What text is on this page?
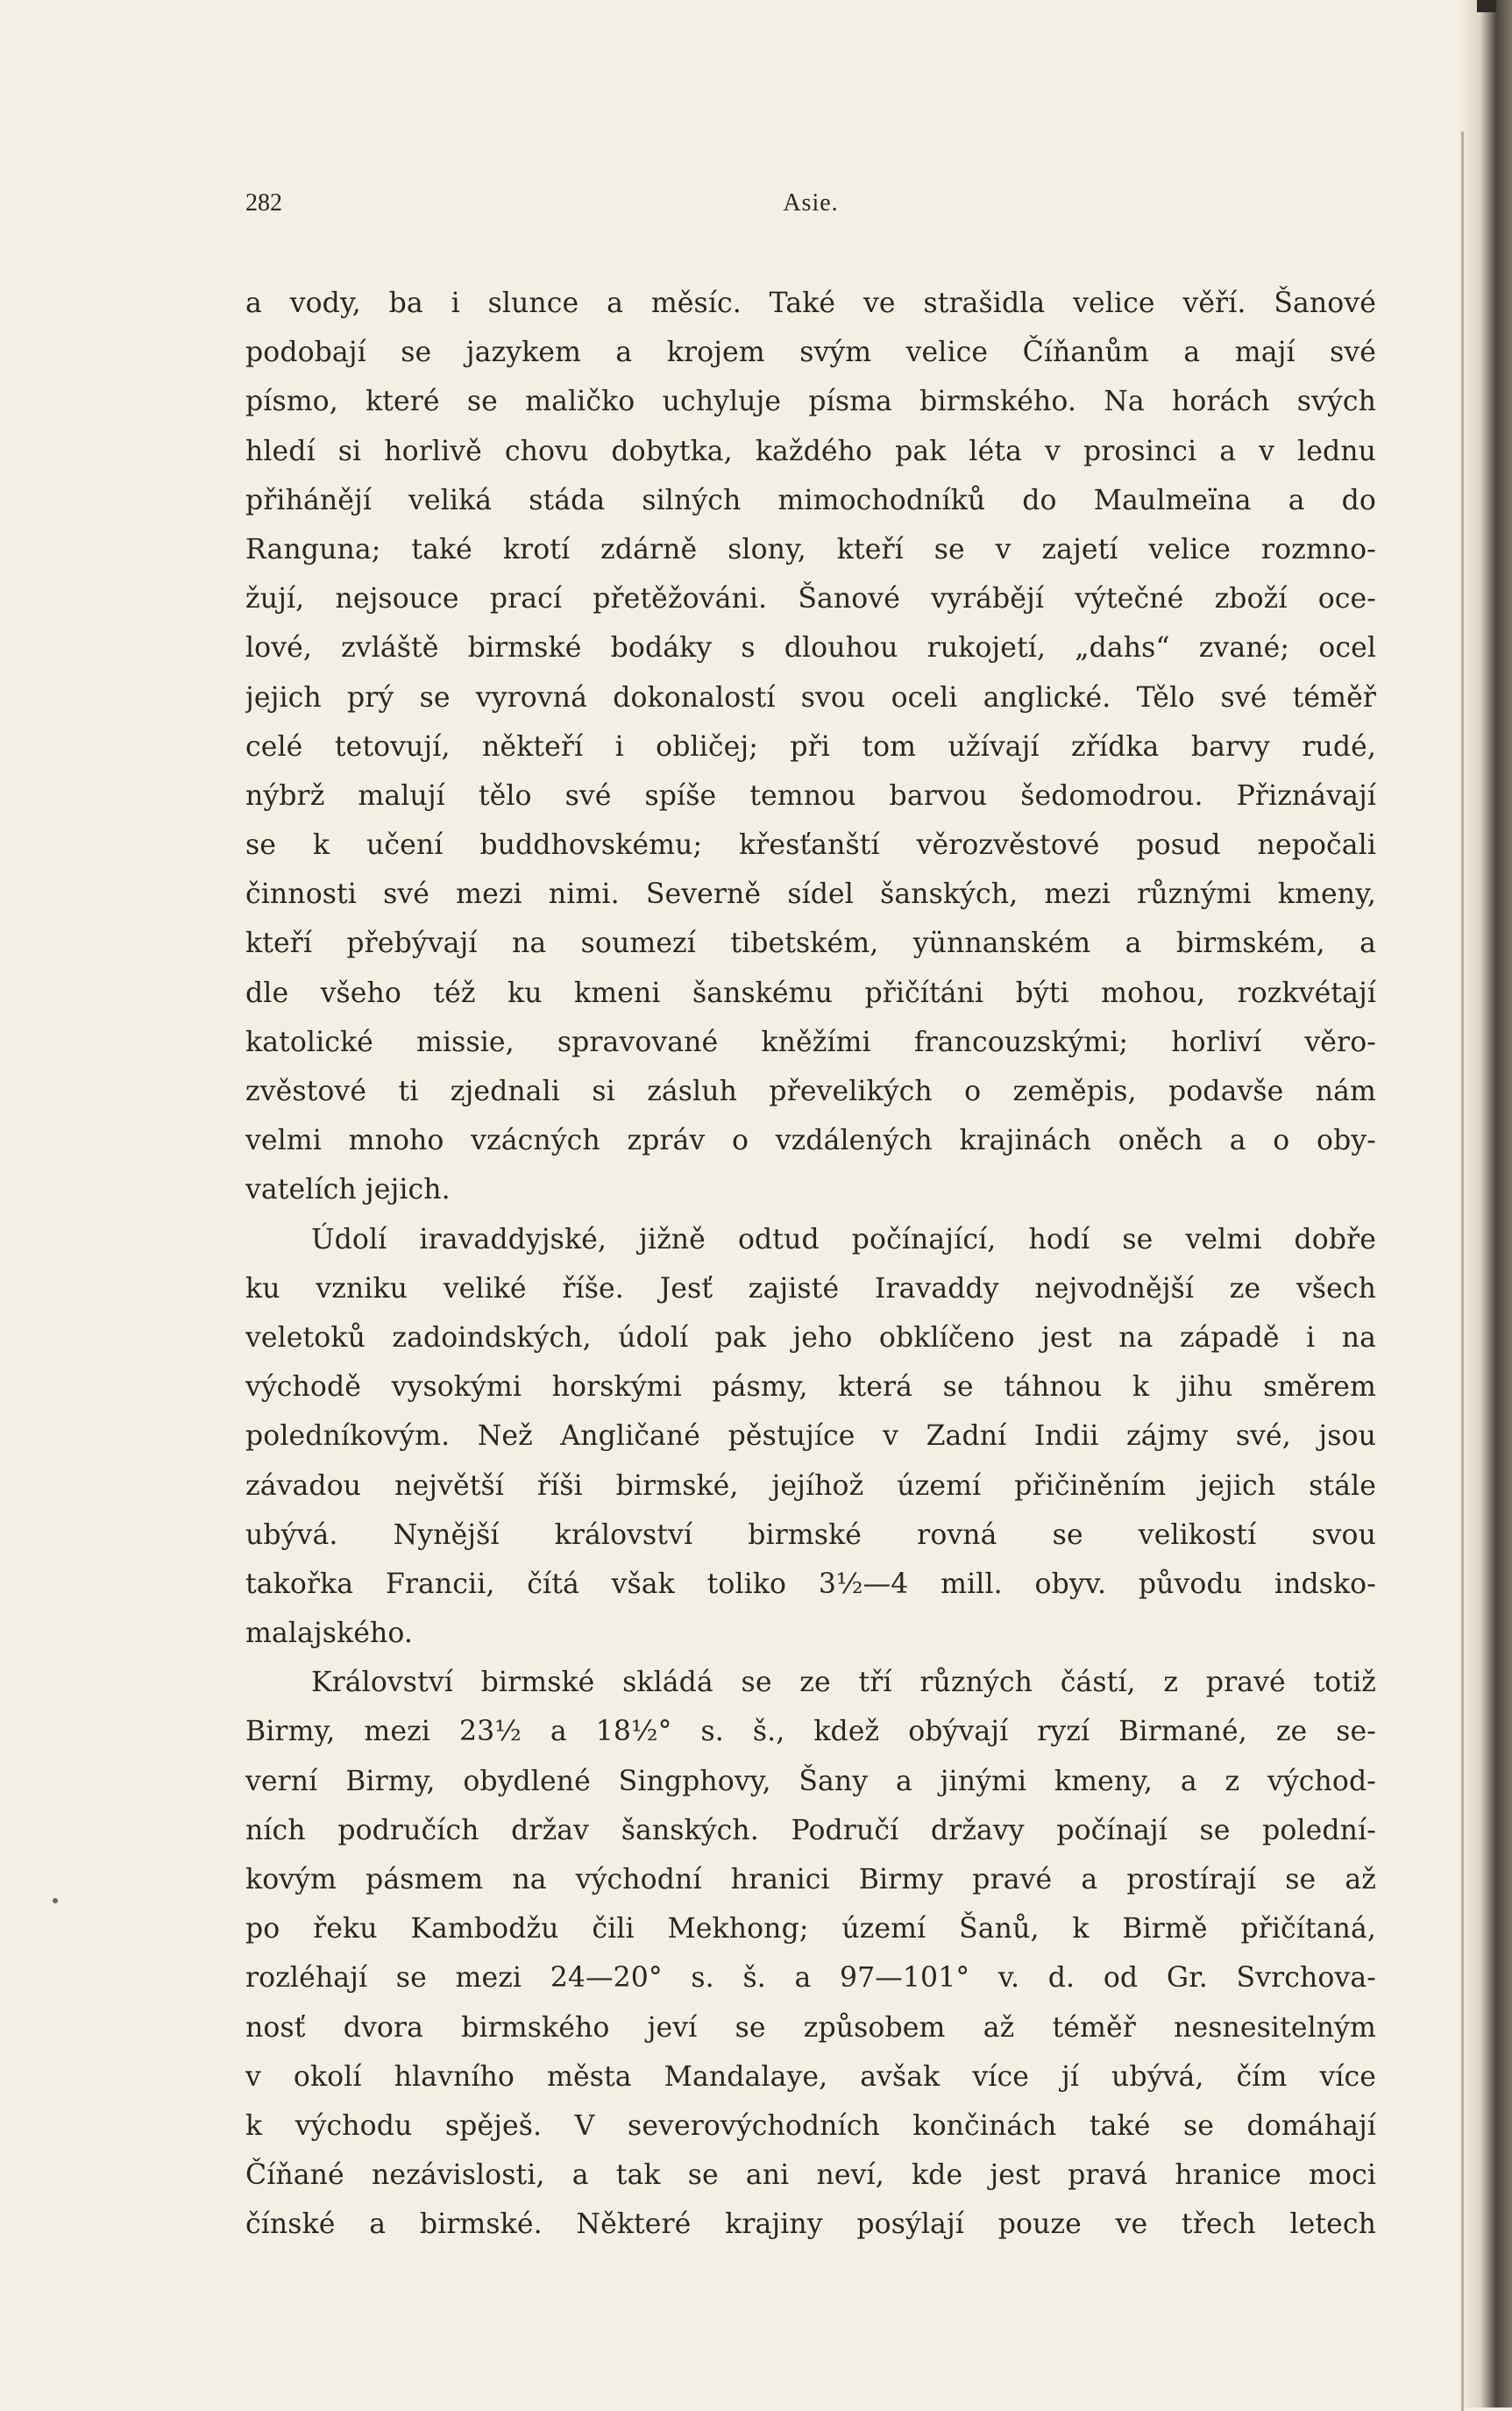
282	Asie.
a vody, ba i slunce a měsíc. Také ve strašidla velice věří. Šanové
podobají se jazykem a krojem svým velice Číňanům a mají své
písmo, které se maličko uchyluje písma birmského. Na horách svých
hledí si horlivě chovu dobytka, každého pak léta v prosinci a v lednu
přihánějí veliká stáda silných mimochodníků do Maulmeïna a do
Ranguna; také krotí zdárně slony, kteří se v zajetí velice rozmno-
žují, nejsouce prací přetěžováni. Šanové vyrábějí výtečné zboží oce-
lové, zvláště birmské bodáky s dlouhou rukojetí, „dahs“ zvané; ocel
jejich prý se vyrovná dokonalostí svou oceli anglické. Tělo své téměř
celé tetovují, někteří i obličej; při tom užívají zřídka barvy rudé,
nýbrž malují tělo své spíše temnou barvou šedomodrou. Přiznávají
se k učení buddhovskému; křesťanští věrozvěstové posud nepočali
činnosti své mezi nimi. Severně sídel šanských, mezi různými kmeny,
kteří přebývají na soumezí tibetském, yünnanském a birmském, a
dle všeho též ku kmeni šanskému přičítáni býti mohou, rozkvétají
katolické missie, spravované kněžími francouzskými; horliví věro-
zvěstové ti zjednali si zásluh převelikých o zeměpis, podavše nám
velmi mnoho vzácných zpráv o vzdálených krajinách oněch a o oby-
vatelích jejich.
Údolí iravaddyjské, jižně odtud počínající, hodí se velmi dobře
ku vzniku veliké říše. Jesť zajisté Iravaddy nejvodnější ze všech
veletoků zadoindských, údolí pak jeho obklíčeno jest na západě i na
východě vysokými horskými pásmy, která se táhnou k jihu směrem
poledníkovým. Než Angličané pěstujíce v Zadní Indii zájmy své, jsou
závadou největší říši birmské, jejíhož území přičiněním jejich stále
ubývá. Nynější království birmské rovná se velikostí svou
takořka Francii, čítá však toliko 3½—4 mill. obyv. původu indsko-
malajského.
Království birmské skládá se ze tří různých částí, z pravé totiž
Birmy, mezi 23½ a 18½° s. š., kdež obývají ryzí Birmané, ze se-
verní Birmy, obydlené Singphovy, Šany a jinými kmeny, a z východ-
ních područích držav šanských. Područí državy počínají se polední-
kovým pásmem na východní hranici Birmy pravé a prostírají se až
po řeku Kambodžu čili Mekhong; území Šanů, k Birmě přičítaná,
rozléhají se mezi 24—20° s. š. a 97—101° v. d. od Gr. Svrchova-
nosť dvora birmského jeví se způsobem až téměř nesnesitelným
v okolí hlavního města Mandalaye, avšak více jí ubývá, čím více
k východu spěješ. V severovýchodních končinách také se domáhají
Číňané nezávislosti, a tak se ani neví, kde jest pravá hranice moci
čínské a birmské. Některé krajiny posýlají pouze ve třech letech
